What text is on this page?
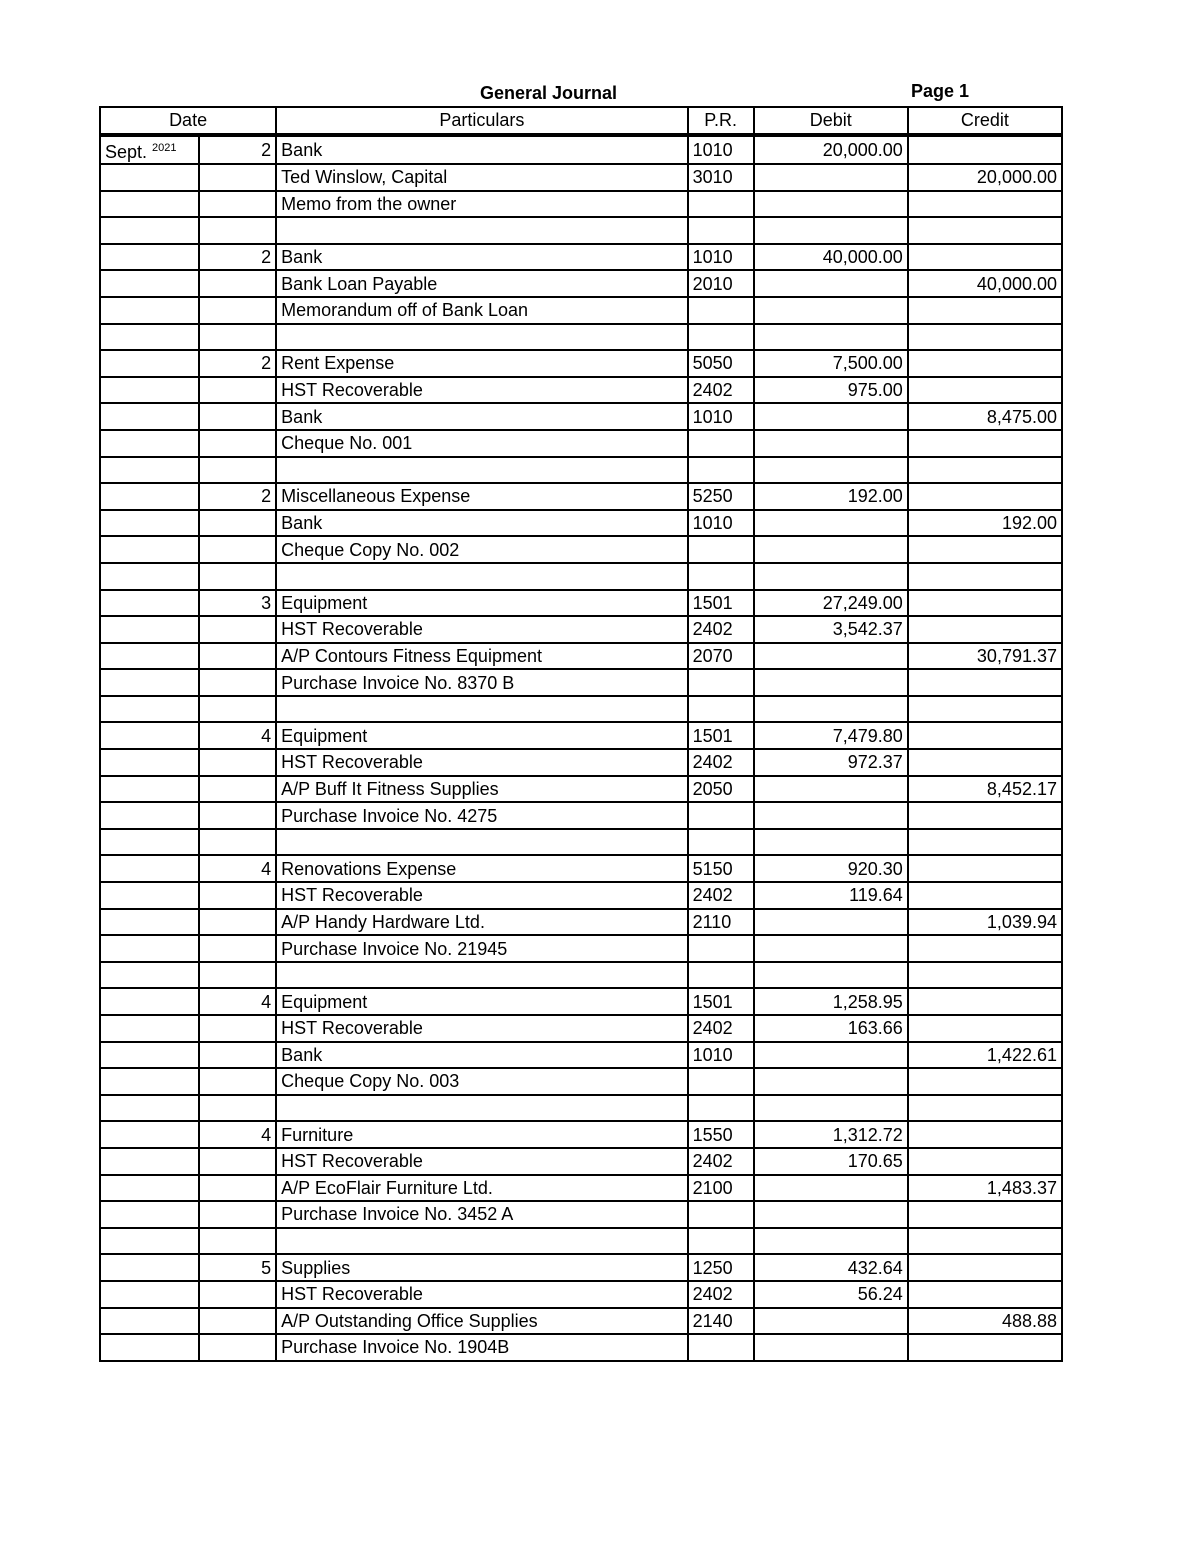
General Journal	Page 1
Date		Particulars	P.R.	Debit	Credit
Sept. $^{2021}$	2	Bank	1010	20,000.00	
		Ted Winslow, Capital	3010		20,000.00
		Memo from the owner			

	2	Bank	1010	40,000.00	
		Bank Loan Payable	2010		40,000.00
		Memorandum off of Bank Loan			

	2	Rent Expense	5050	7,500.00	
		HST Recoverable	2402	975.00	
		Bank	1010		8,475.00
		Cheque No. 001			

	2	Miscellaneous Expense	5250	192.00	
		Bank	1010		192.00
		Cheque Copy No. 002			

	3	Equipment	1501	27,249.00	
		HST Recoverable	2402	3,542.37	
		A/P Contours Fitness Equipment	2070		30,791.37
		Purchase Invoice No. 8370 B			

	4	Equipment	1501	7,479.80	
		HST Recoverable	2402	972.37	
		A/P Buff It Fitness Supplies	2050		8,452.17
		Purchase Invoice No. 4275			

	4	Renovations Expense	5150	920.30	
		HST Recoverable	2402	119.64	
		A/P Handy Hardware Ltd.	2110		1,039.94
		Purchase Invoice No. 21945			

	4	Equipment	1501	1,258.95	
		HST Recoverable	2402	163.66	
		Bank	1010		1,422.61
		Cheque Copy No. 003			

	4	Furniture	1550	1,312.72	
		HST Recoverable	2402	170.65	
		A/P EcoFlair Furniture Ltd.	2100		1,483.37
		Purchase Invoice No. 3452 A			

	5	Supplies	1250	432.64	
		HST Recoverable	2402	56.24	
		A/P Outstanding Office Supplies	2140		488.88
		Purchase Invoice No. 1904B			
